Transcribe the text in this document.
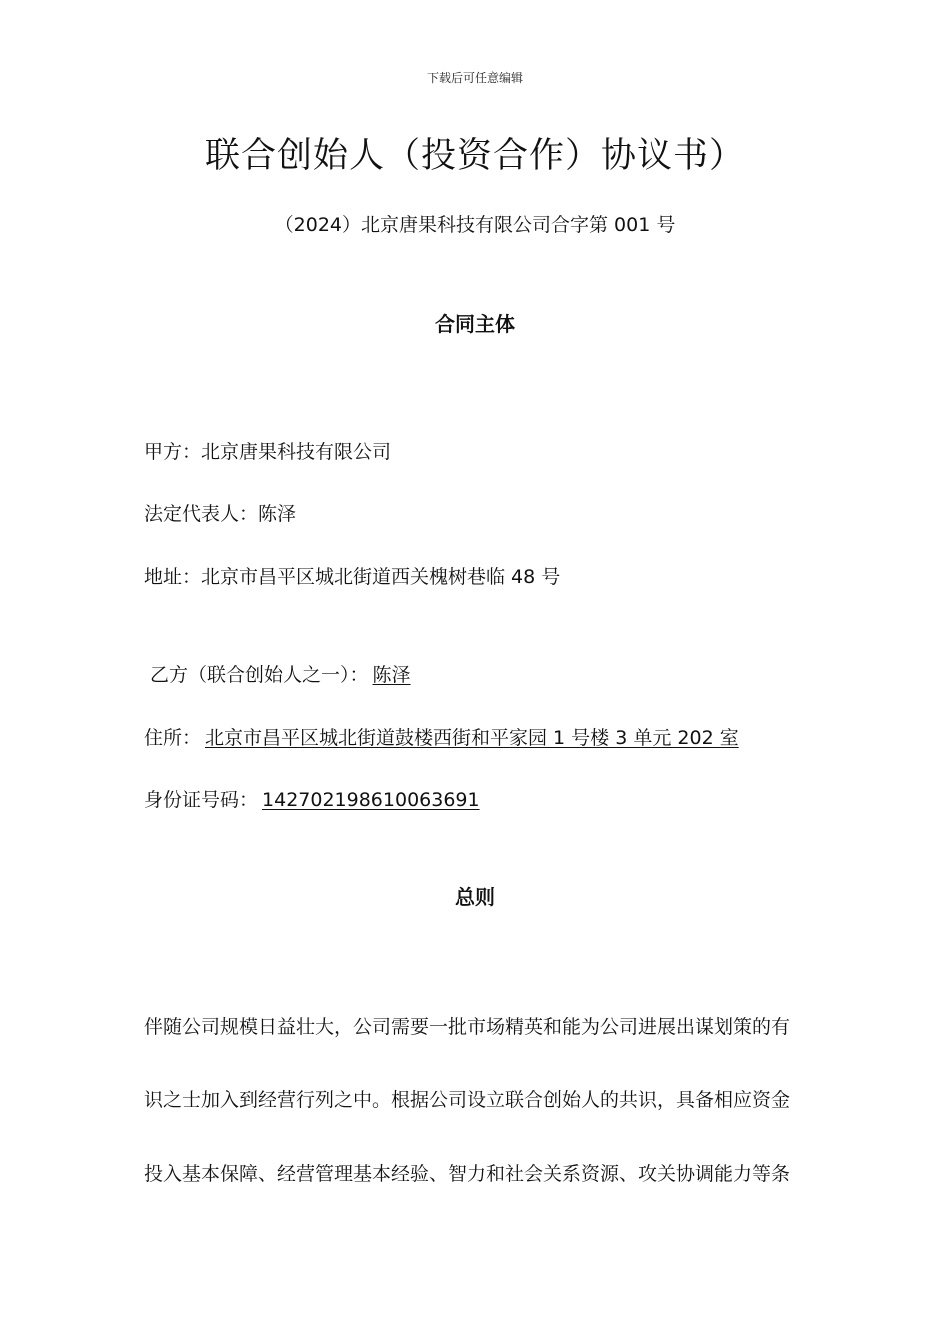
下载后可任意编辑
联合创始人（投资合作）协议书）
（2024）北京唐果科技有限公司合字第 001 号
合同主体
甲方：北京唐果科技有限公司
法定代表人：陈泽
地址：北京市昌平区城北街道西关槐树巷临 48 号
乙方（联合创始人之一）： 陈泽
住所： 北京市昌平区城北街道鼓楼西街和平家园 1 号楼 3 单元 202 室
身份证号码： 142702198610063691
总则
伴随公司规模日益壮大，公司需要一批市场精英和能为公司进展出谋划策的有
识之士加入到经营行列之中。根据公司设立联合创始人的共识，具备相应资金
投入基本保障、经营管理基本经验、智力和社会关系资源、攻关协调能力等条
